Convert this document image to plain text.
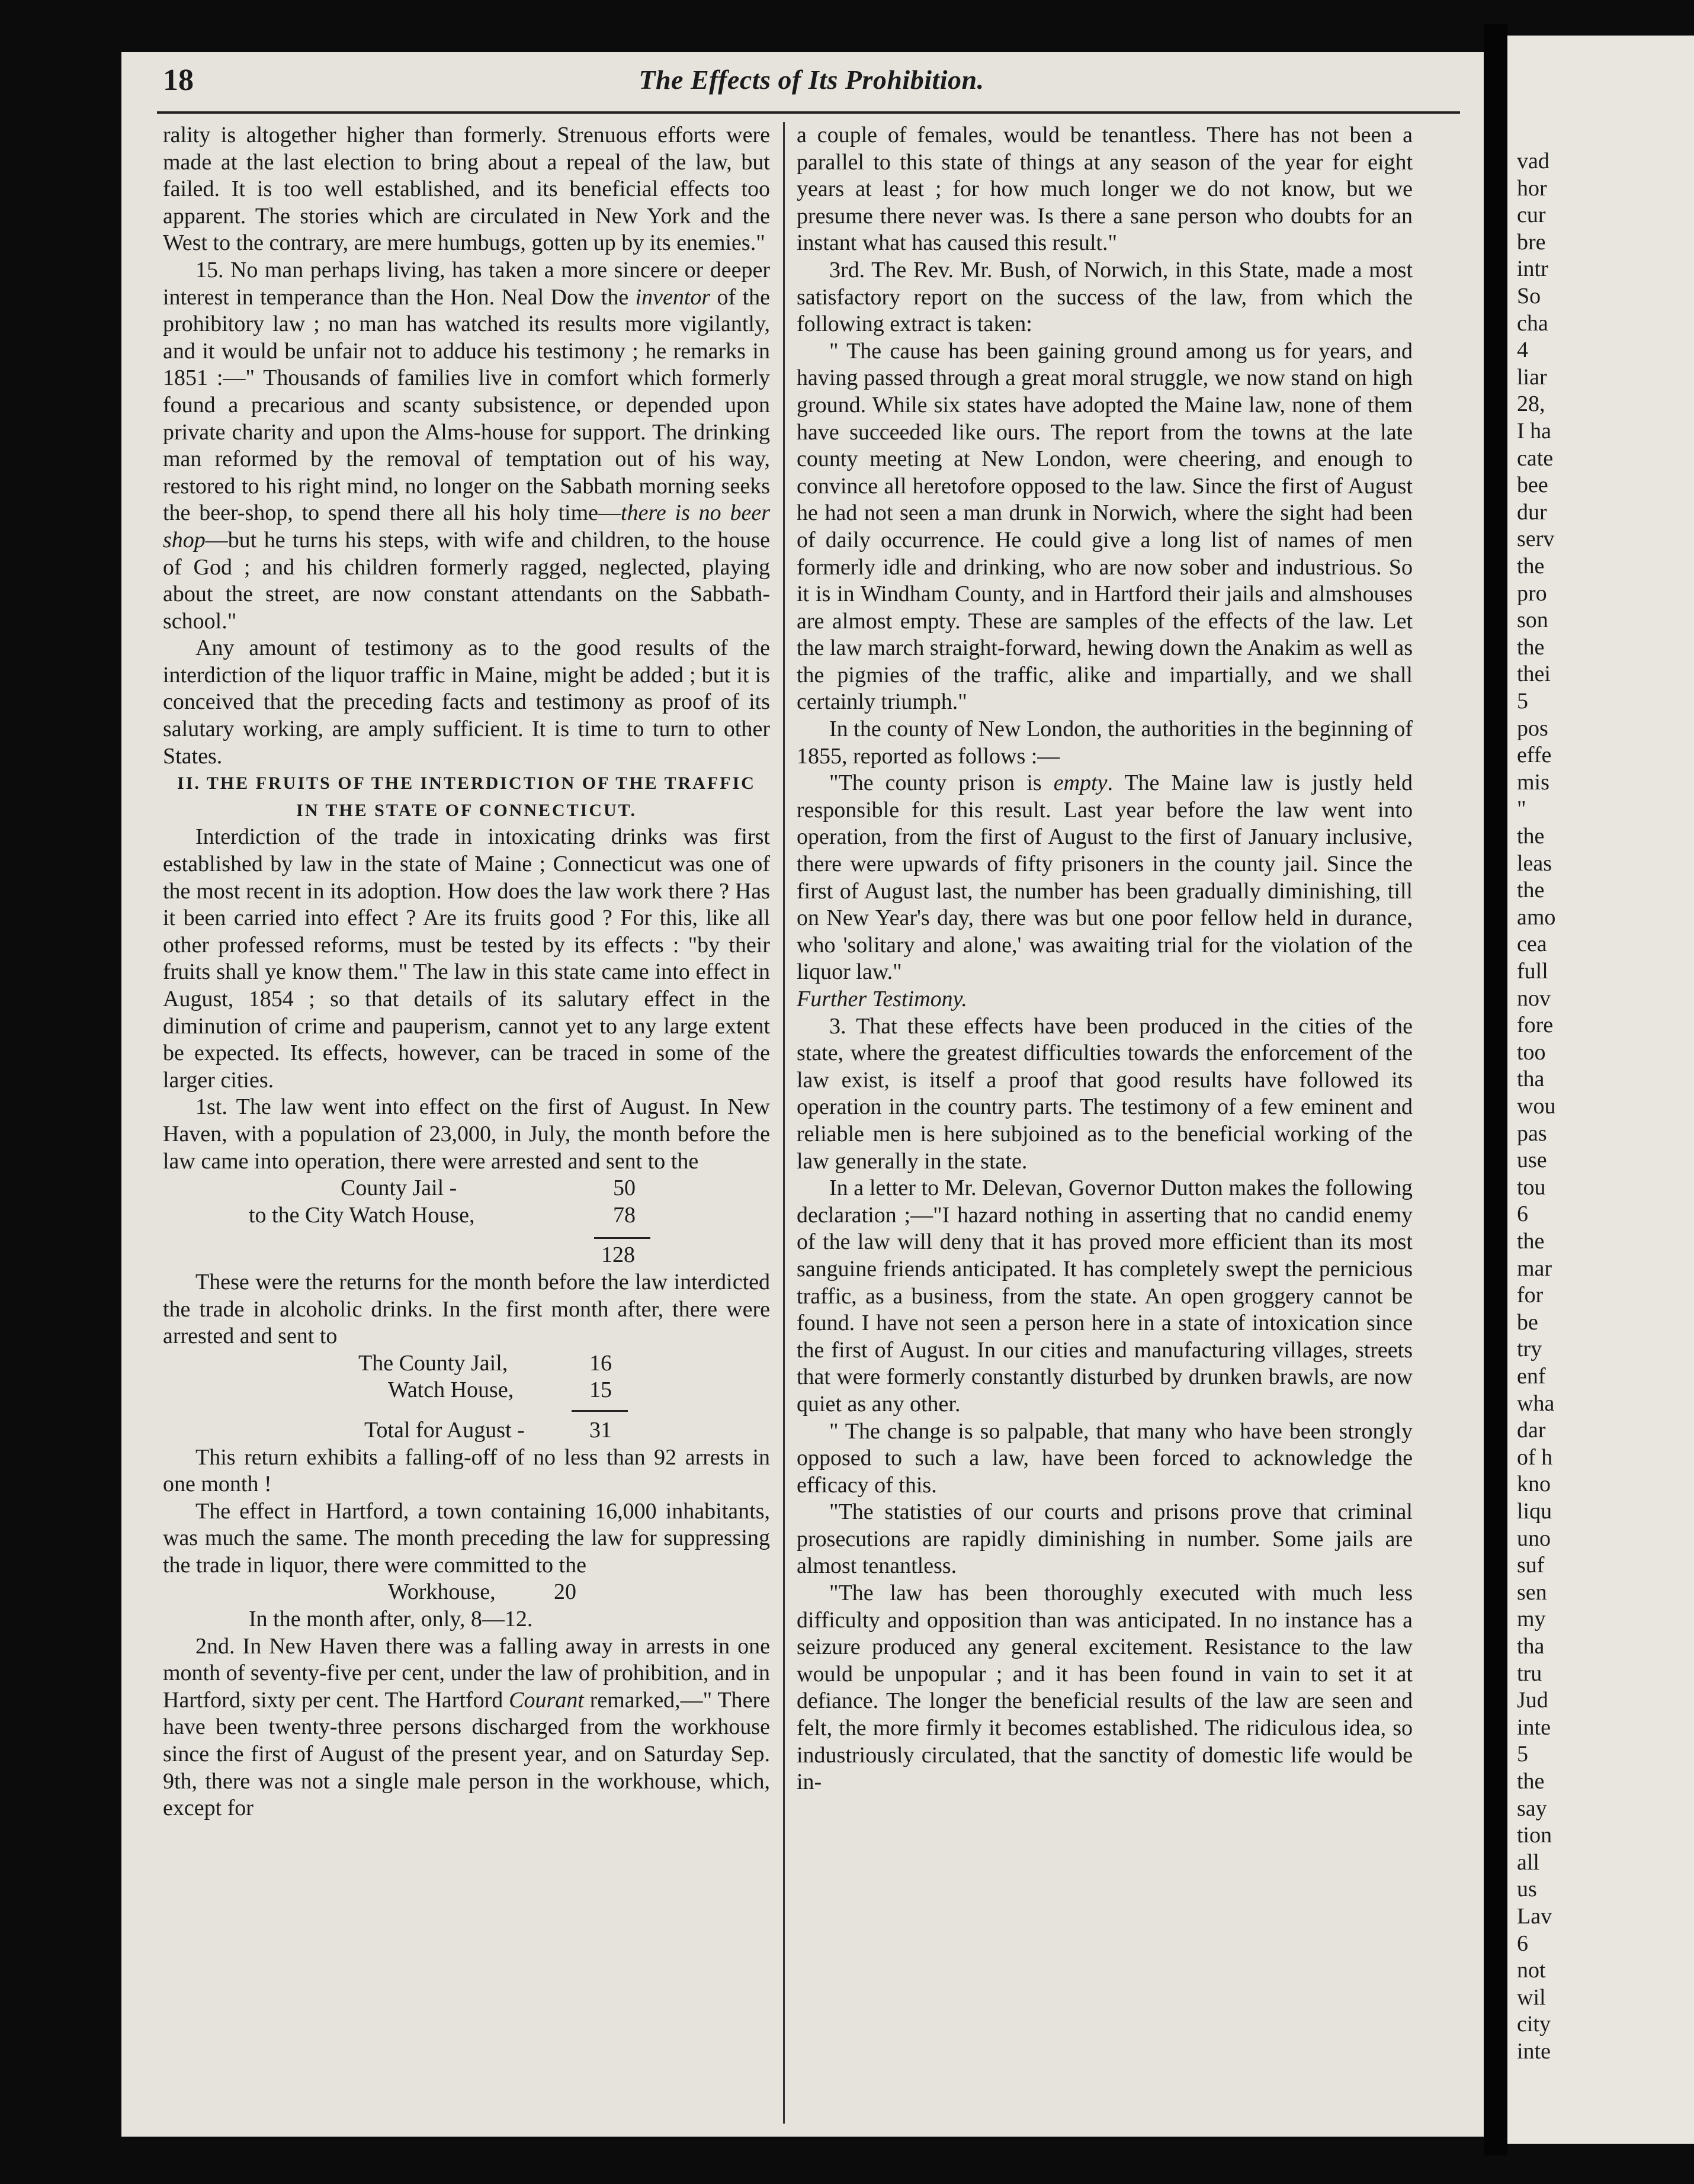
18	The Effects of Its Prohibition.

rality is altogether higher than formerly. Strenuous efforts were made at the last election to bring about a repeal of the law, but failed. It is too well established, and its beneficial effects too apparent. The stories which are circulated in New York and the West to the contrary, are mere humbugs, gotten up by its enemies."

15. No man perhaps living, has taken a more sincere or deeper interest in temperance than the Hon. Neal Dow the inventor of the prohibitory law ; no man has watched its results more vigilantly, and it would be unfair not to adduce his testimony ; he remarks in 1851 :—" Thousands of families live in comfort which formerly found a precarious and scanty subsistence, or depended upon private charity and upon the Alms-house for support. The drinking man reformed by the removal of temptation out of his way, restored to his right mind, no longer on the Sabbath morning seeks the beer-shop, to spend there all his holy time—there is no beer shop—but he turns his steps, with wife and children, to the house of God ; and his children formerly ragged, neglected, playing about the street, are now constant attendants on the Sabbath-school."

Any amount of testimony as to the good results of the interdiction of the liquor traffic in Maine, might be added ; but it is conceived that the preceding facts and testimony as proof of its salutary working, are amply sufficient. It is time to turn to other States.

II. THE FRUITS OF THE INTERDICTION OF THE TRAFFIC
IN THE STATE OF CONNECTICUT.

Interdiction of the trade in intoxicating drinks was first established by law in the state of Maine ; Connecticut was one of the most recent in its adoption. How does the law work there ? Has it been carried into effect ? Are its fruits good ? For this, like all other professed reforms, must be tested by its effects : "by their fruits shall ye know them." The law in this state came into effect in August, 1854 ; so that details of its salutary effect in the diminution of crime and pauperism, cannot yet to any large extent be expected. Its effects, however, can be traced in some of the larger cities.

1st. The law went into effect on the first of August. In New Haven, with a population of 23,000, in July, the month before the law came into operation, there were arrested and sent to the

County Jail -	50
to the City Watch House,	78
128

These were the returns for the month before the law interdicted the trade in alcoholic drinks. In the first month after, there were arrested and sent to

The County Jail,	16
Watch House,	15
Total for August -	31

This return exhibits a falling-off of no less than 92 arrests in one month !

The effect in Hartford, a town containing 16,000 inhabitants, was much the same. The month preceding the law for suppressing the trade in liquor, there were committed to the

Workhouse,	20
In the month after, only, 8—12.

2nd. In New Haven there was a falling away in arrests in one month of seventy-five per cent, under the law of prohibition, and in Hartford, sixty per cent. The Hartford Courant remarked,—" There have been twenty-three persons discharged from the workhouse since the first of August of the present year, and on Saturday Sep. 9th, there was not a single male person in the workhouse, which, except for

a couple of females, would be tenantless. There has not been a parallel to this state of things at any season of the year for eight years at least ; for how much longer we do not know, but we presume there never was. Is there a sane person who doubts for an instant what has caused this result."

3rd. The Rev. Mr. Bush, of Norwich, in this State, made a most satisfactory report on the success of the law, from which the following extract is taken:

" The cause has been gaining ground among us for years, and having passed through a great moral struggle, we now stand on high ground. While six states have adopted the Maine law, none of them have succeeded like ours. The report from the towns at the late county meeting at New London, were cheering, and enough to convince all heretofore opposed to the law. Since the first of August he had not seen a man drunk in Norwich, where the sight had been of daily occurrence. He could give a long list of names of men formerly idle and drinking, who are now sober and industrious. So it is in Windham County, and in Hartford their jails and almshouses are almost empty. These are samples of the effects of the law. Let the law march straight-forward, hewing down the Anakim as well as the pigmies of the traffic, alike and impartially, and we shall certainly triumph."

In the county of New London, the authorities in the beginning of 1855, reported as follows :—

"The county prison is empty. The Maine law is justly held responsible for this result. Last year before the law went into operation, from the first of August to the first of January inclusive, there were upwards of fifty prisoners in the county jail. Since the first of August last, the number has been gradually diminishing, till on New Year's day, there was but one poor fellow held in durance, who 'solitary and alone,' was awaiting trial for the violation of the liquor law."

Further Testimony.

3. That these effects have been produced in the cities of the state, where the greatest difficulties towards the enforcement of the law exist, is itself a proof that good results have followed its operation in the country parts. The testimony of a few eminent and reliable men is here subjoined as to the beneficial working of the law generally in the state.

In a letter to Mr. Delevan, Governor Dutton makes the following declaration ;—"I hazard nothing in asserting that no candid enemy of the law will deny that it has proved more efficient than its most sanguine friends anticipated. It has completely swept the pernicious traffic, as a business, from the state. An open groggery cannot be found. I have not seen a person here in a state of intoxication since the first of August. In our cities and manufacturing villages, streets that were formerly constantly disturbed by drunken brawls, are now quiet as any other.

" The change is so palpable, that many who have been strongly opposed to such a law, have been forced to acknowledge the efficacy of this.

"The statisties of our courts and prisons prove that criminal prosecutions are rapidly diminishing in number. Some jails are almost tenantless.

"The law has been thoroughly executed with much less difficulty and opposition than was anticipated. In no instance has a seizure produced any general excitement. Resistance to the law would be unpopular ; and it has been found in vain to set it at defiance. The longer the beneficial results of the law are seen and felt, the more firmly it becomes established. The ridiculous idea, so industriously circulated, that the sanctity of domestic life would be in-

vad
hor
cur
bre
intr
So
cha
4
liar
28,
I ha
cate
bee
dur
serv
the
pro
son
the
thei
5
pos
effe
mis
"
the
leas
the
amo
cea
full
nov
fore
too
tha
wou
pas
use
tou
6
the
mar
for
be
try
enf
wha
dar
of h
kno
liqu
uno
suf
sen
my
tha
tru
Jud
inte
5
the
say
tion
all
us
Lav
6
not
wil
city
inte
